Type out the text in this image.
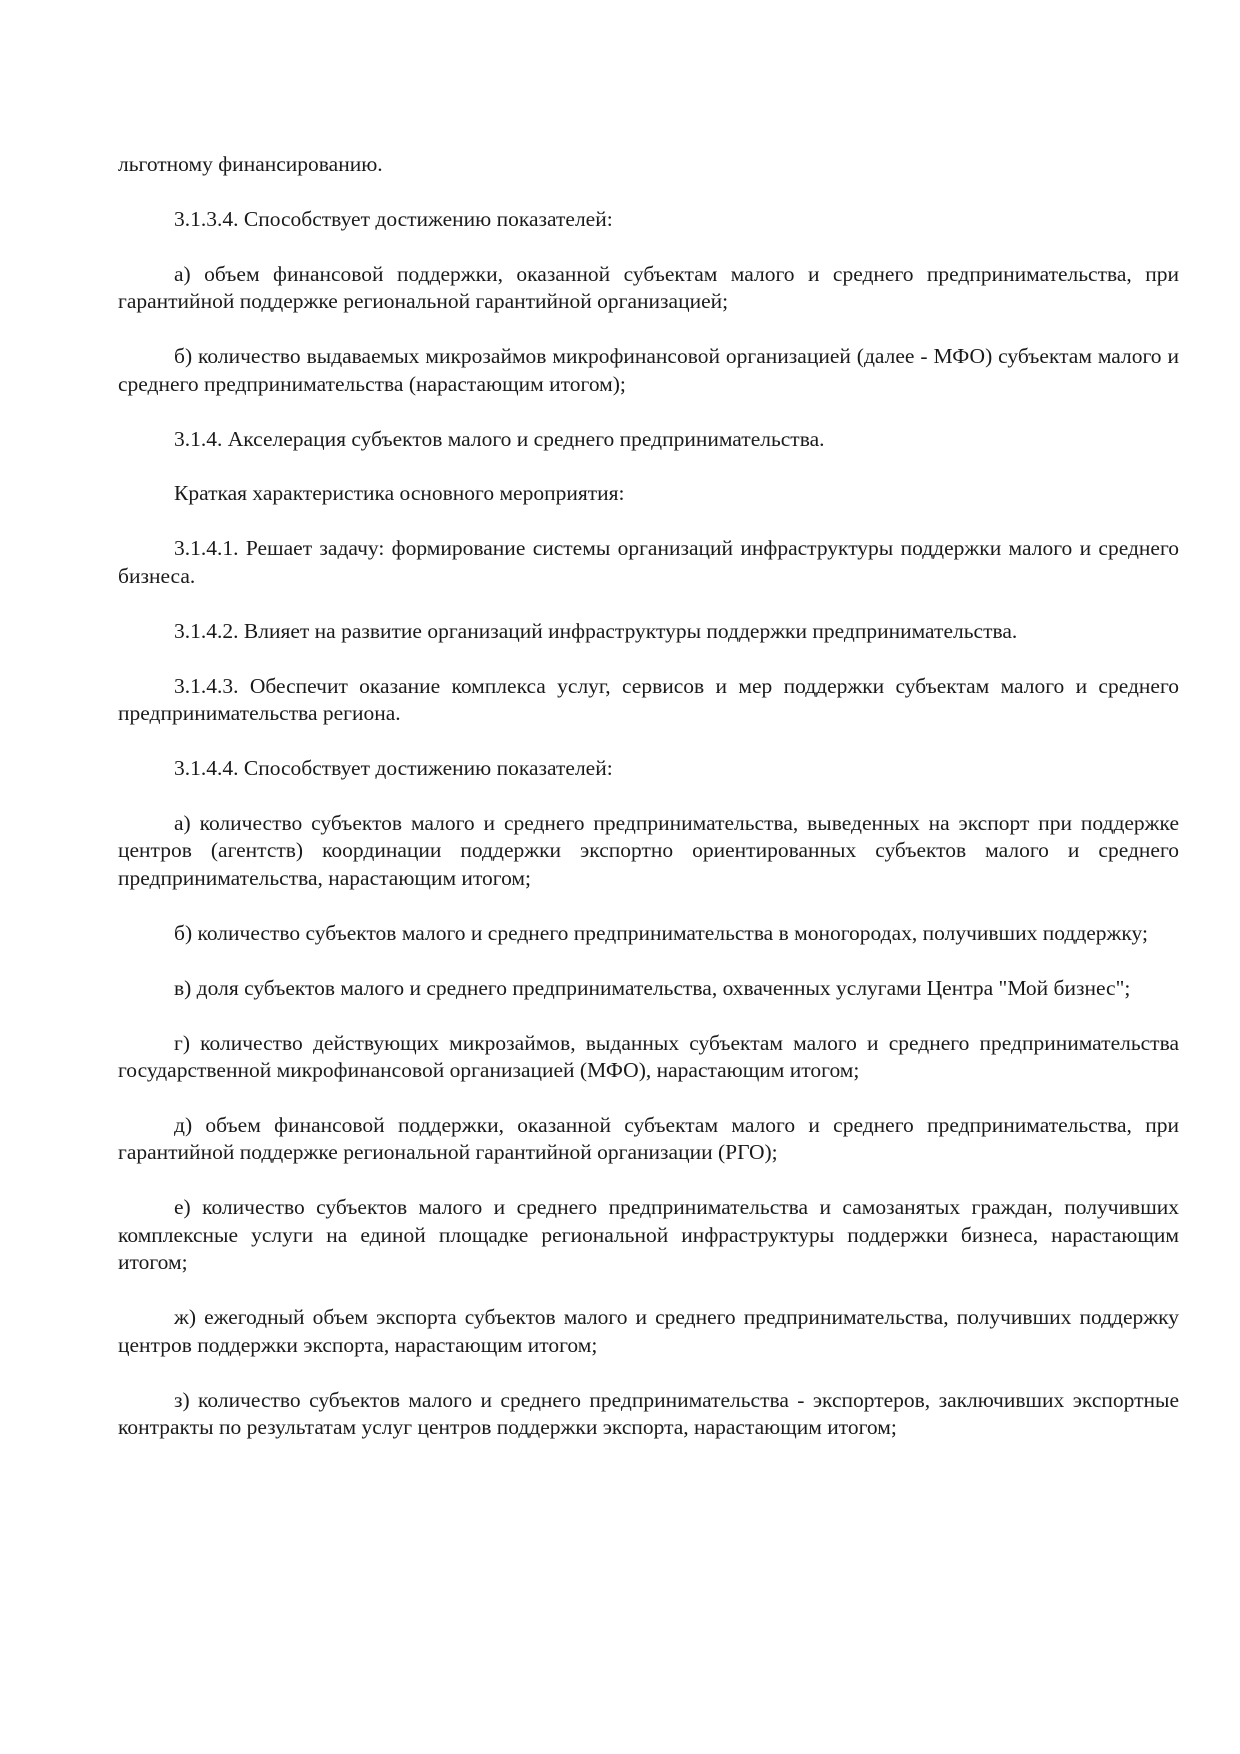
льготному финансированию.

3.1.3.4. Способствует достижению показателей:

а) объем финансовой поддержки, оказанной субъектам малого и среднего предпринимательства, при гарантийной поддержке региональной гарантийной организацией;

б) количество выдаваемых микрозаймов микрофинансовой организацией (далее - МФО) субъектам малого и среднего предпринимательства (нарастающим итогом);

3.1.4. Акселерация субъектов малого и среднего предпринимательства.

Краткая характеристика основного мероприятия:

3.1.4.1. Решает задачу: формирование системы организаций инфраструктуры поддержки малого и среднего бизнеса.

3.1.4.2. Влияет на развитие организаций инфраструктуры поддержки предпринимательства.

3.1.4.3. Обеспечит оказание комплекса услуг, сервисов и мер поддержки субъектам малого и среднего предпринимательства региона.

3.1.4.4. Способствует достижению показателей:

а) количество субъектов малого и среднего предпринимательства, выведенных на экспорт при поддержке центров (агентств) координации поддержки экспортно ориентированных субъектов малого и среднего предпринимательства, нарастающим итогом;

б) количество субъектов малого и среднего предпринимательства в моногородах, получивших поддержку;

в) доля субъектов малого и среднего предпринимательства, охваченных услугами Центра "Мой бизнес";

г) количество действующих микрозаймов, выданных субъектам малого и среднего предпринимательства государственной микрофинансовой организацией (МФО), нарастающим итогом;

д) объем финансовой поддержки, оказанной субъектам малого и среднего предпринимательства, при гарантийной поддержке региональной гарантийной организации (РГО);

е) количество субъектов малого и среднего предпринимательства и самозанятых граждан, получивших комплексные услуги на единой площадке региональной инфраструктуры поддержки бизнеса, нарастающим итогом;

ж) ежегодный объем экспорта субъектов малого и среднего предпринимательства, получивших поддержку центров поддержки экспорта, нарастающим итогом;

з) количество субъектов малого и среднего предпринимательства - экспортеров, заключивших экспортные контракты по результатам услуг центров поддержки экспорта, нарастающим итогом;
